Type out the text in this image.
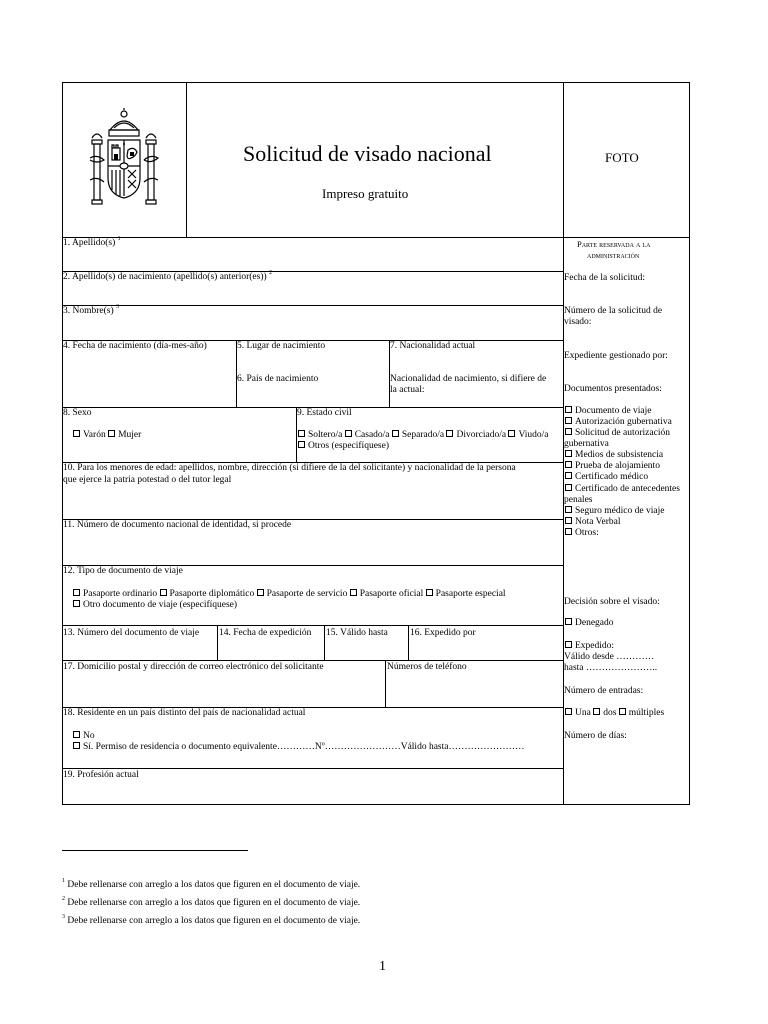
Solicitud de visado nacional
Impreso gratuito
FOTO
1. Apellido(s) $^1$
2. Apellido(s) de nacimiento (apellido(s) anterior(es)) $^2$
3. Nombre(s) $^3$
4. Fecha de nacimiento (día-mes-año)	5. Lugar de nacimiento
6. País de nacimiento
7. Nacionalidad actual
Nacionalidad de nacimiento, si difiere de
la actual:
8. Sexo
Varón Mujer
9. Estado civil
Soltero/a Casado/a Separado/a Divorciado/a Viudo/a
Otros (especifíquese)
10. Para los menores de edad: apellidos, nombre, dirección (si difiere de la del solicitante) y nacionalidad de la persona
que ejerce la patria potestad o del tutor legal
11. Número de documento nacional de identidad, si procede
12. Tipo de documento de viaje
Pasaporte ordinario Pasaporte diplomático Pasaporte de servicio Pasaporte oficial Pasaporte especial
Otro documento de viaje (especifíquese)
13. Número del documento de viaje 14. Fecha de expedición 15. Válido hasta 16. Expedido por
17. Domicilio postal y dirección de correo electrónico del solicitante	Números de teléfono
18. Residente en un país distinto del país de nacionalidad actual
No
Sí. Permiso de residencia o documento equivalente…………Nº……………………Válido hasta……………………
19. Profesión actual
Parte reservada a la
administración
Fecha de la solicitud:
Número de la solicitud de
visado:
Expediente gestionado por:
Documentos presentados:
Documento de viaje
Autorización gubernativa
Solicitud de autorización
gubernativa
Medios de subsistencia
Prueba de alojamiento
Certificado médico
Certificado de antecedentes
penales
Seguro médico de viaje
Nota Verbal
Otros:
Decisión sobre el visado:
Denegado
Expedido:
Válido desde …………
hasta …………………..
Número de entradas:
Una dos múltiples
Número de días:
$^1$ Debe rellenarse con arreglo a los datos que figuren en el documento de viaje.
$^2$ Debe rellenarse con arreglo a los datos que figuren en el documento de viaje.
$^3$ Debe rellenarse con arreglo a los datos que figuren en el documento de viaje.
1
